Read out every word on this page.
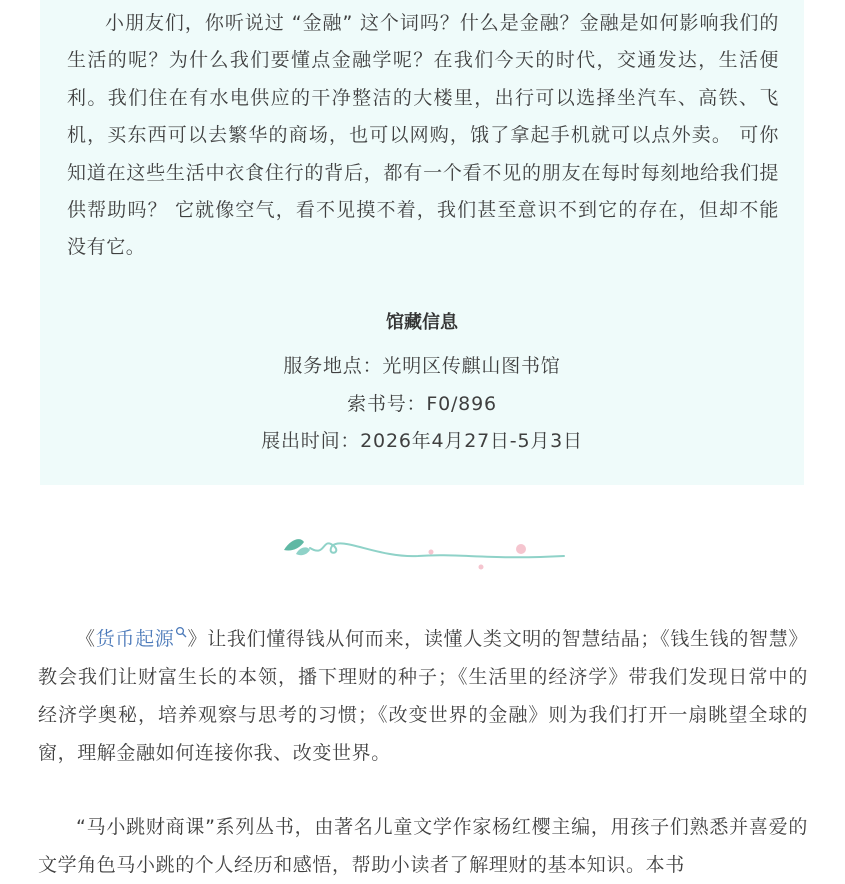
小朋友们，你听说过 “金融” 这个词吗？什么是金融？金融是如何影响我们的生活的呢？为什么我们要懂点金融学呢？在我们今天的时代，交通发达，生活便利。我们住在有水电供应的干净整洁的大楼里，出行可以选择坐汽车、高铁、飞机，买东西可以去繁华的商场，也可以网购，饿了拿起手机就可以点外卖。 可你知道在这些生活中衣食住行的背后，都有一个看不见的朋友在每时每刻地给我们提供帮助吗？ 它就像空气，看不见摸不着，我们甚至意识不到它的存在，但却不能没有它。

馆藏信息
服务地点：光明区传麒山图书馆
索书号：F0/896
展出时间：2026年4月27日-5月3日

《货币起源 》让我们懂得钱从何而来，读懂人类文明的智慧结晶；《钱生钱的智慧》教会我们让财富生长的本领，播下理财的种子；《生活里的经济学》带我们发现日常中的经济学奥秘，培养观察与思考的习惯；《改变世界的金融》则为我们打开一扇眺望全球的窗，理解金融如何连接你我、改变世界。

“马小跳财商课”系列丛书，由著名儿童文学作家杨红樱主编，用孩子们熟悉并喜爱的文学角色马小跳的个人经历和感悟，帮助小读者了解理财的基本知识。本书
